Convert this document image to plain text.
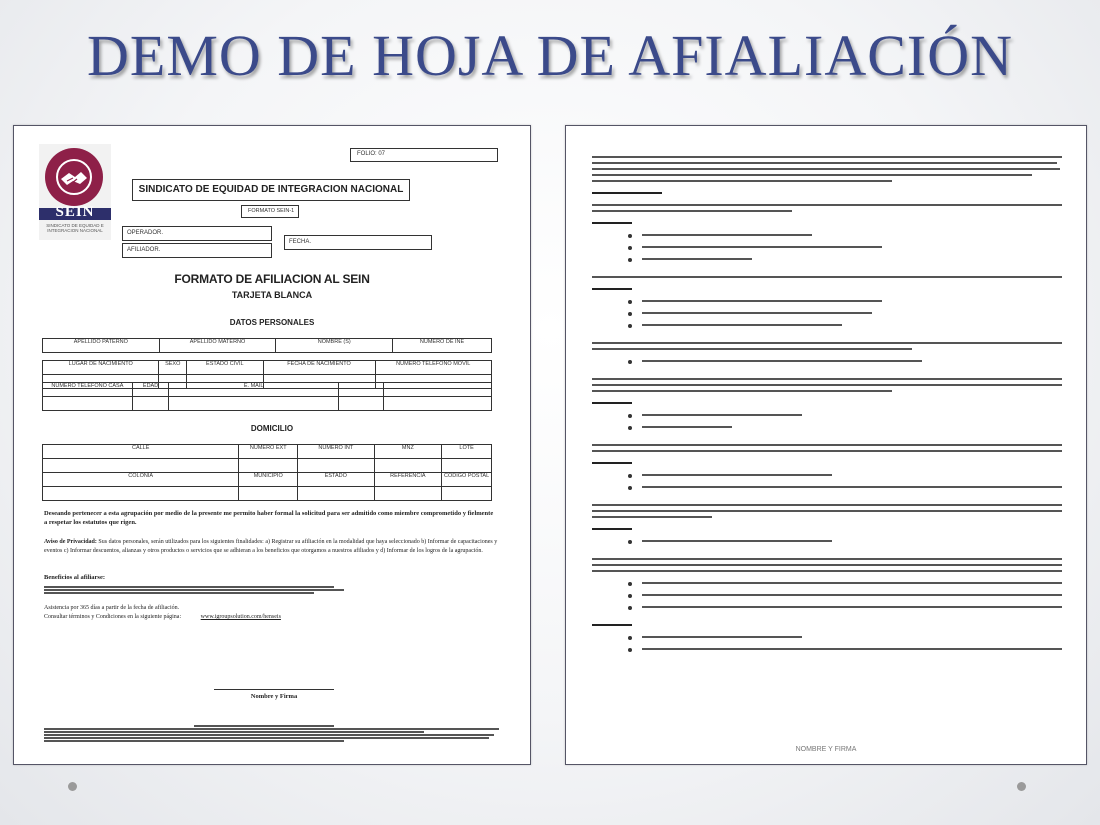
DEMO DE HOJA DE AFIALIACIÓN
SEIN
SINDICATO DE EQUIDAD E INTEGRACION NACIONAL
FOLIO: 07
SINDICATO DE EQUIDAD DE INTEGRACION NACIONAL
FORMATO SEIN-1
OPERADOR.
FECHA.
AFILIADOR.
FORMATO DE AFILIACION AL SEIN
TARJETA BLANCA
DATOS PERSONALES
APELLIDO PATERNO	APELLIDO MATERNO	NOMBRE (S)	NUMERO DE INE
LUGAR DE NACIMIENTO	SEXO	ESTADO CIVIL	FECHA DE NACIMIENTO	NUMERO TELEFONO MOVIL

NUMERO TELEFONO CASA	EDAD	E. MAIL		

DOMICILIO
CALLE	NUMERO EXT	NUMERO INT	MNZ	LOTE

COLONIA	MUNICIPIO	ESTADO	REFERENCIA	CODIGO POSTAL

Deseando pertenecer a esta agrupación por medio de la presente me permito haber formal la solicitud para ser admitido como miembre comprometido y fielmente a respetar los estatutos que rigen.
Aviso de Privacidad: Sus datos personales, serán utilizados para los siguientes finalidades: a) Registrar su afiliación en la modalidad que haya seleccionado b) Informar de capacitaciones y eventos c) Informar descuentos, alianzas y otros productos o servicios que se adhieran a los beneficios que otorgamos a nuestros afiliados y d) Informar de los logros de la agrupación.
Beneficios al afiliarse:
Asistencia por 365 días a partir de la fecha de afiliación.
Consultar términos y Condiciones en la siguiente página:	www.igroupsolution.com/henseis
Nombre y Firma
NOMBRE Y FIRMA
